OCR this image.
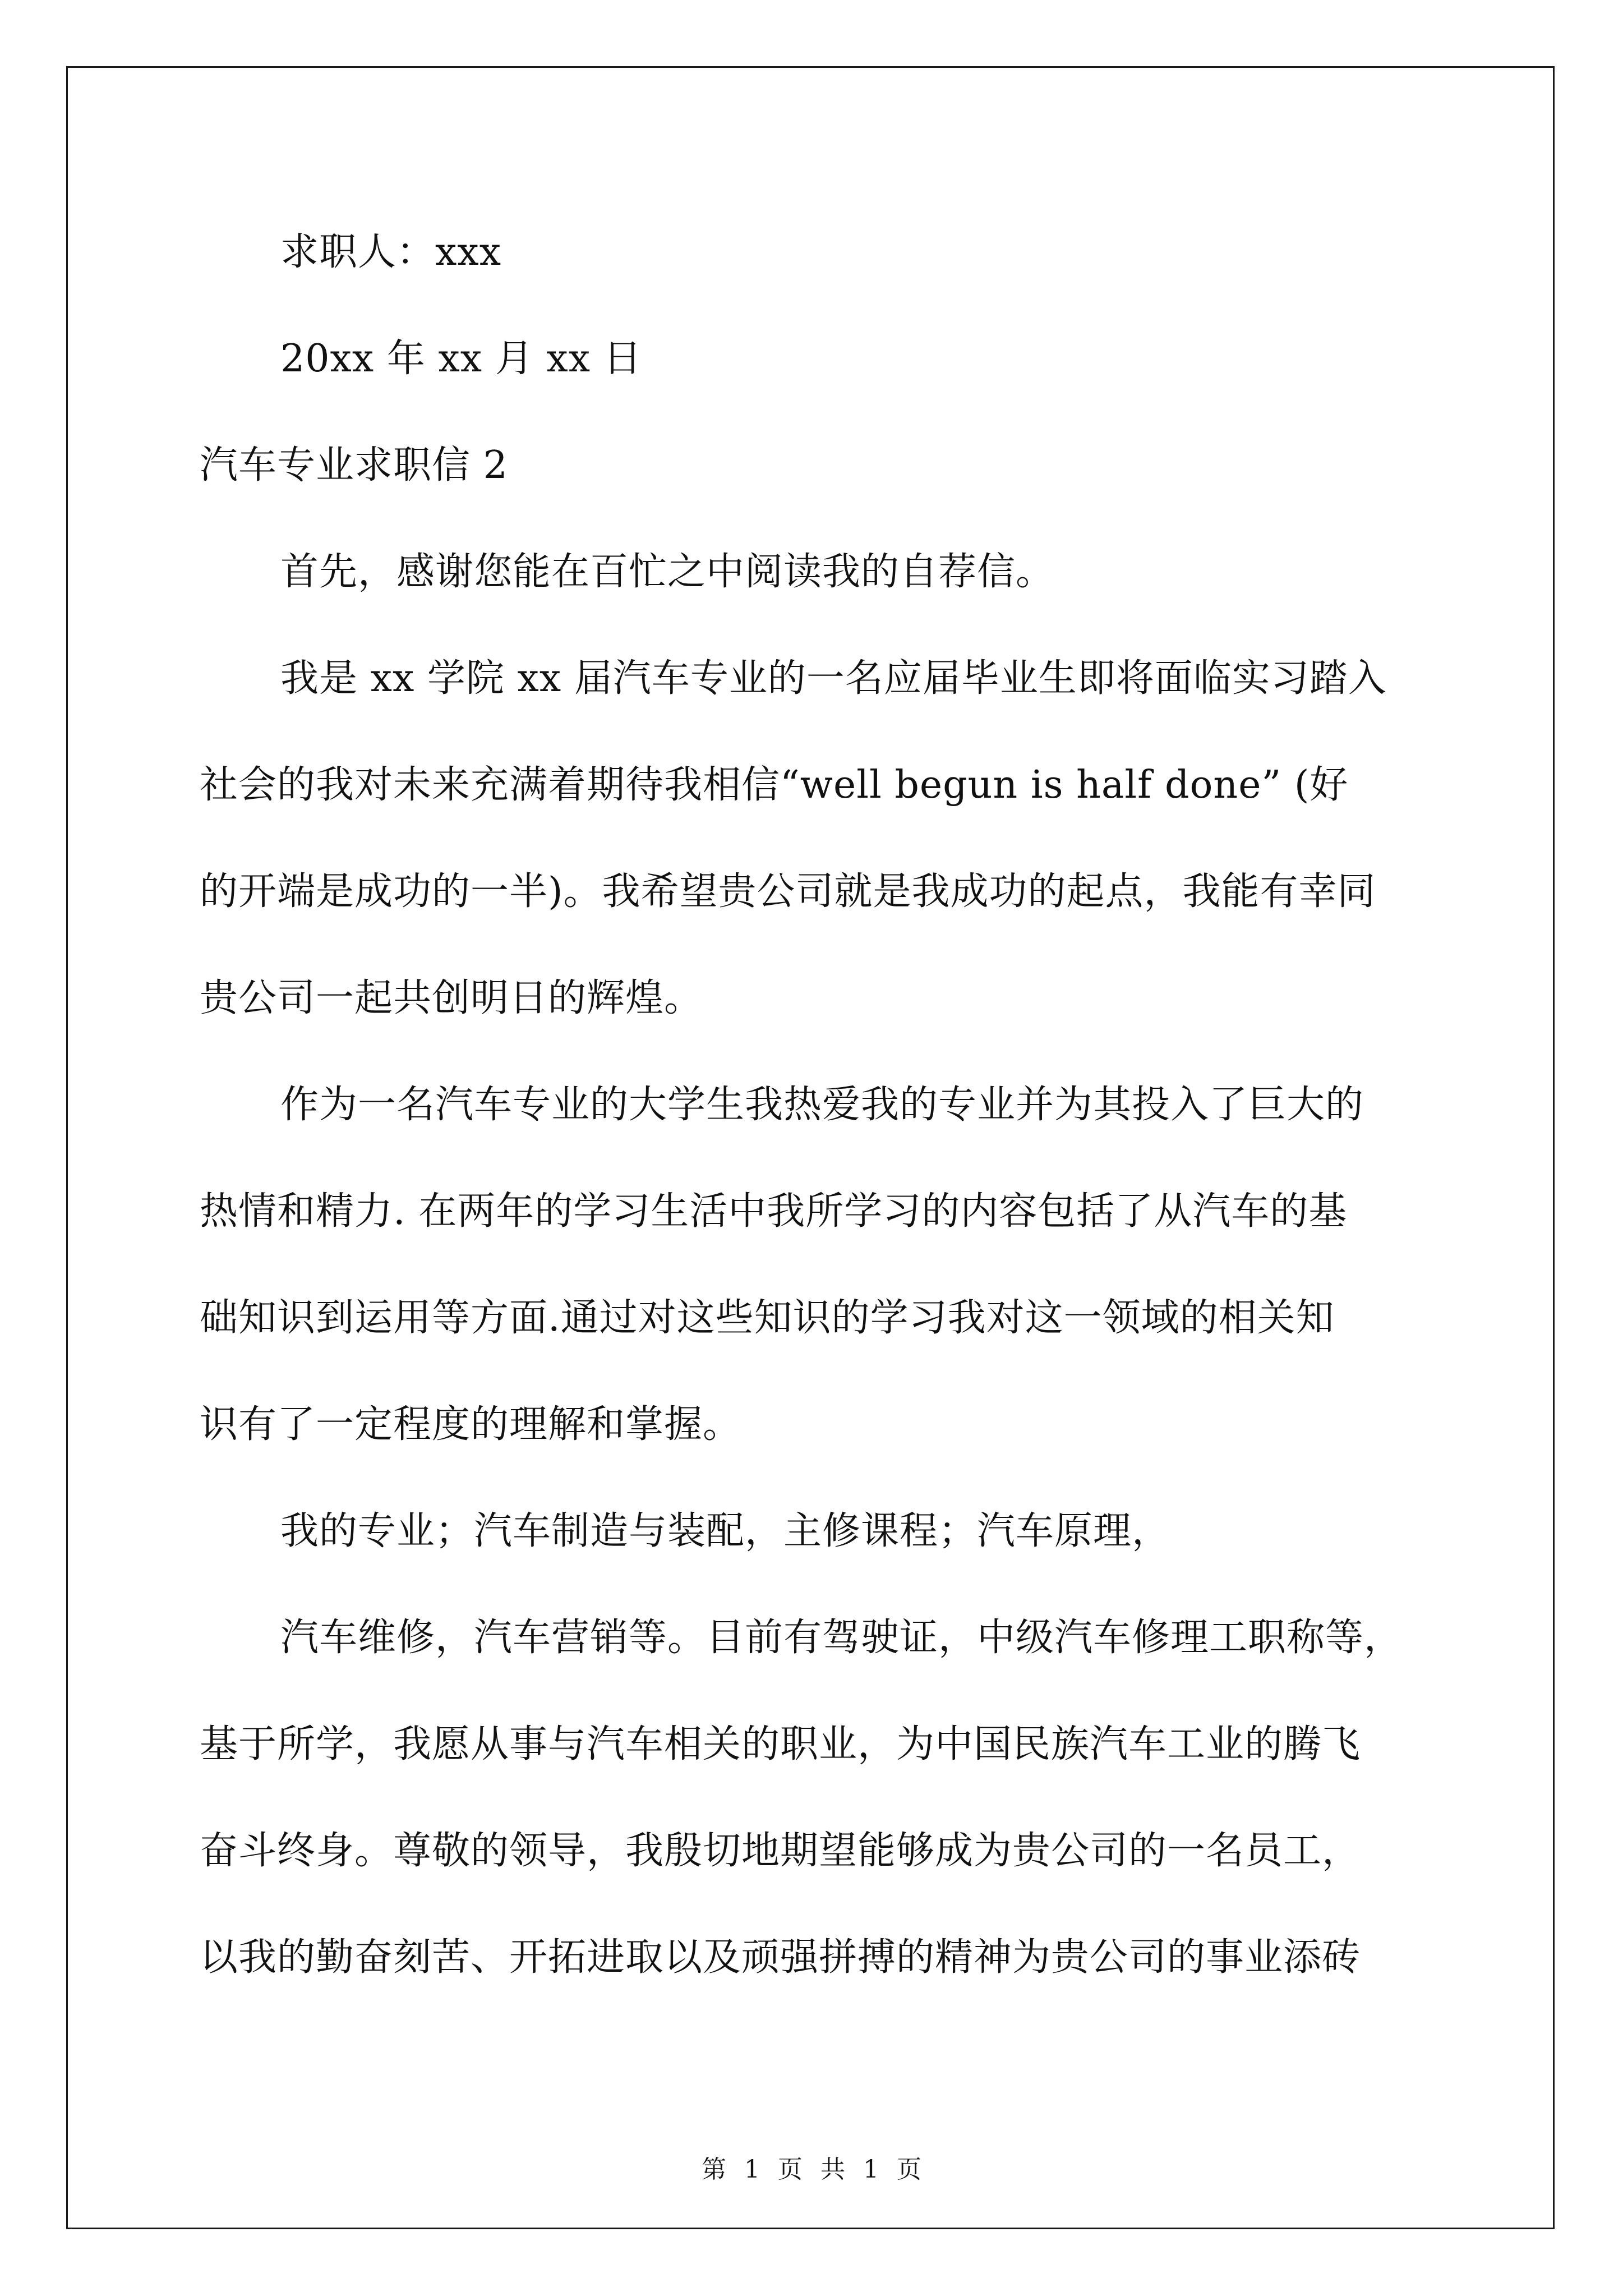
求职人：xxx
20xx 年 xx 月 xx 日
汽车专业求职信 2
首先，感谢您能在百忙之中阅读我的自荐信。
我是 xx 学院 xx 届汽车专业的一名应届毕业生即将面临实习踏入
社会的我对未来充满着期待我相信“well begun is half done” (好
的开端是成功的一半)。我希望贵公司就是我成功的起点，我能有幸同
贵公司一起共创明日的辉煌。
作为一名汽车专业的大学生我热爱我的专业并为其投入了巨大的
热情和精力. 在两年的学习生活中我所学习的内容包括了从汽车的基
础知识到运用等方面.通过对这些知识的学习我对这一领域的相关知
识有了一定程度的理解和掌握。
我的专业；汽车制造与装配，主修课程；汽车原理，
汽车维修，汽车营销等。目前有驾驶证，中级汽车修理工职称等，
基于所学，我愿从事与汽车相关的职业，为中国民族汽车工业的腾飞
奋斗终身。尊敬的领导，我殷切地期望能够成为贵公司的一名员工，
以我的勤奋刻苦、开拓进取以及顽强拼搏的精神为贵公司的事业添砖
第 1 页 共 1 页
